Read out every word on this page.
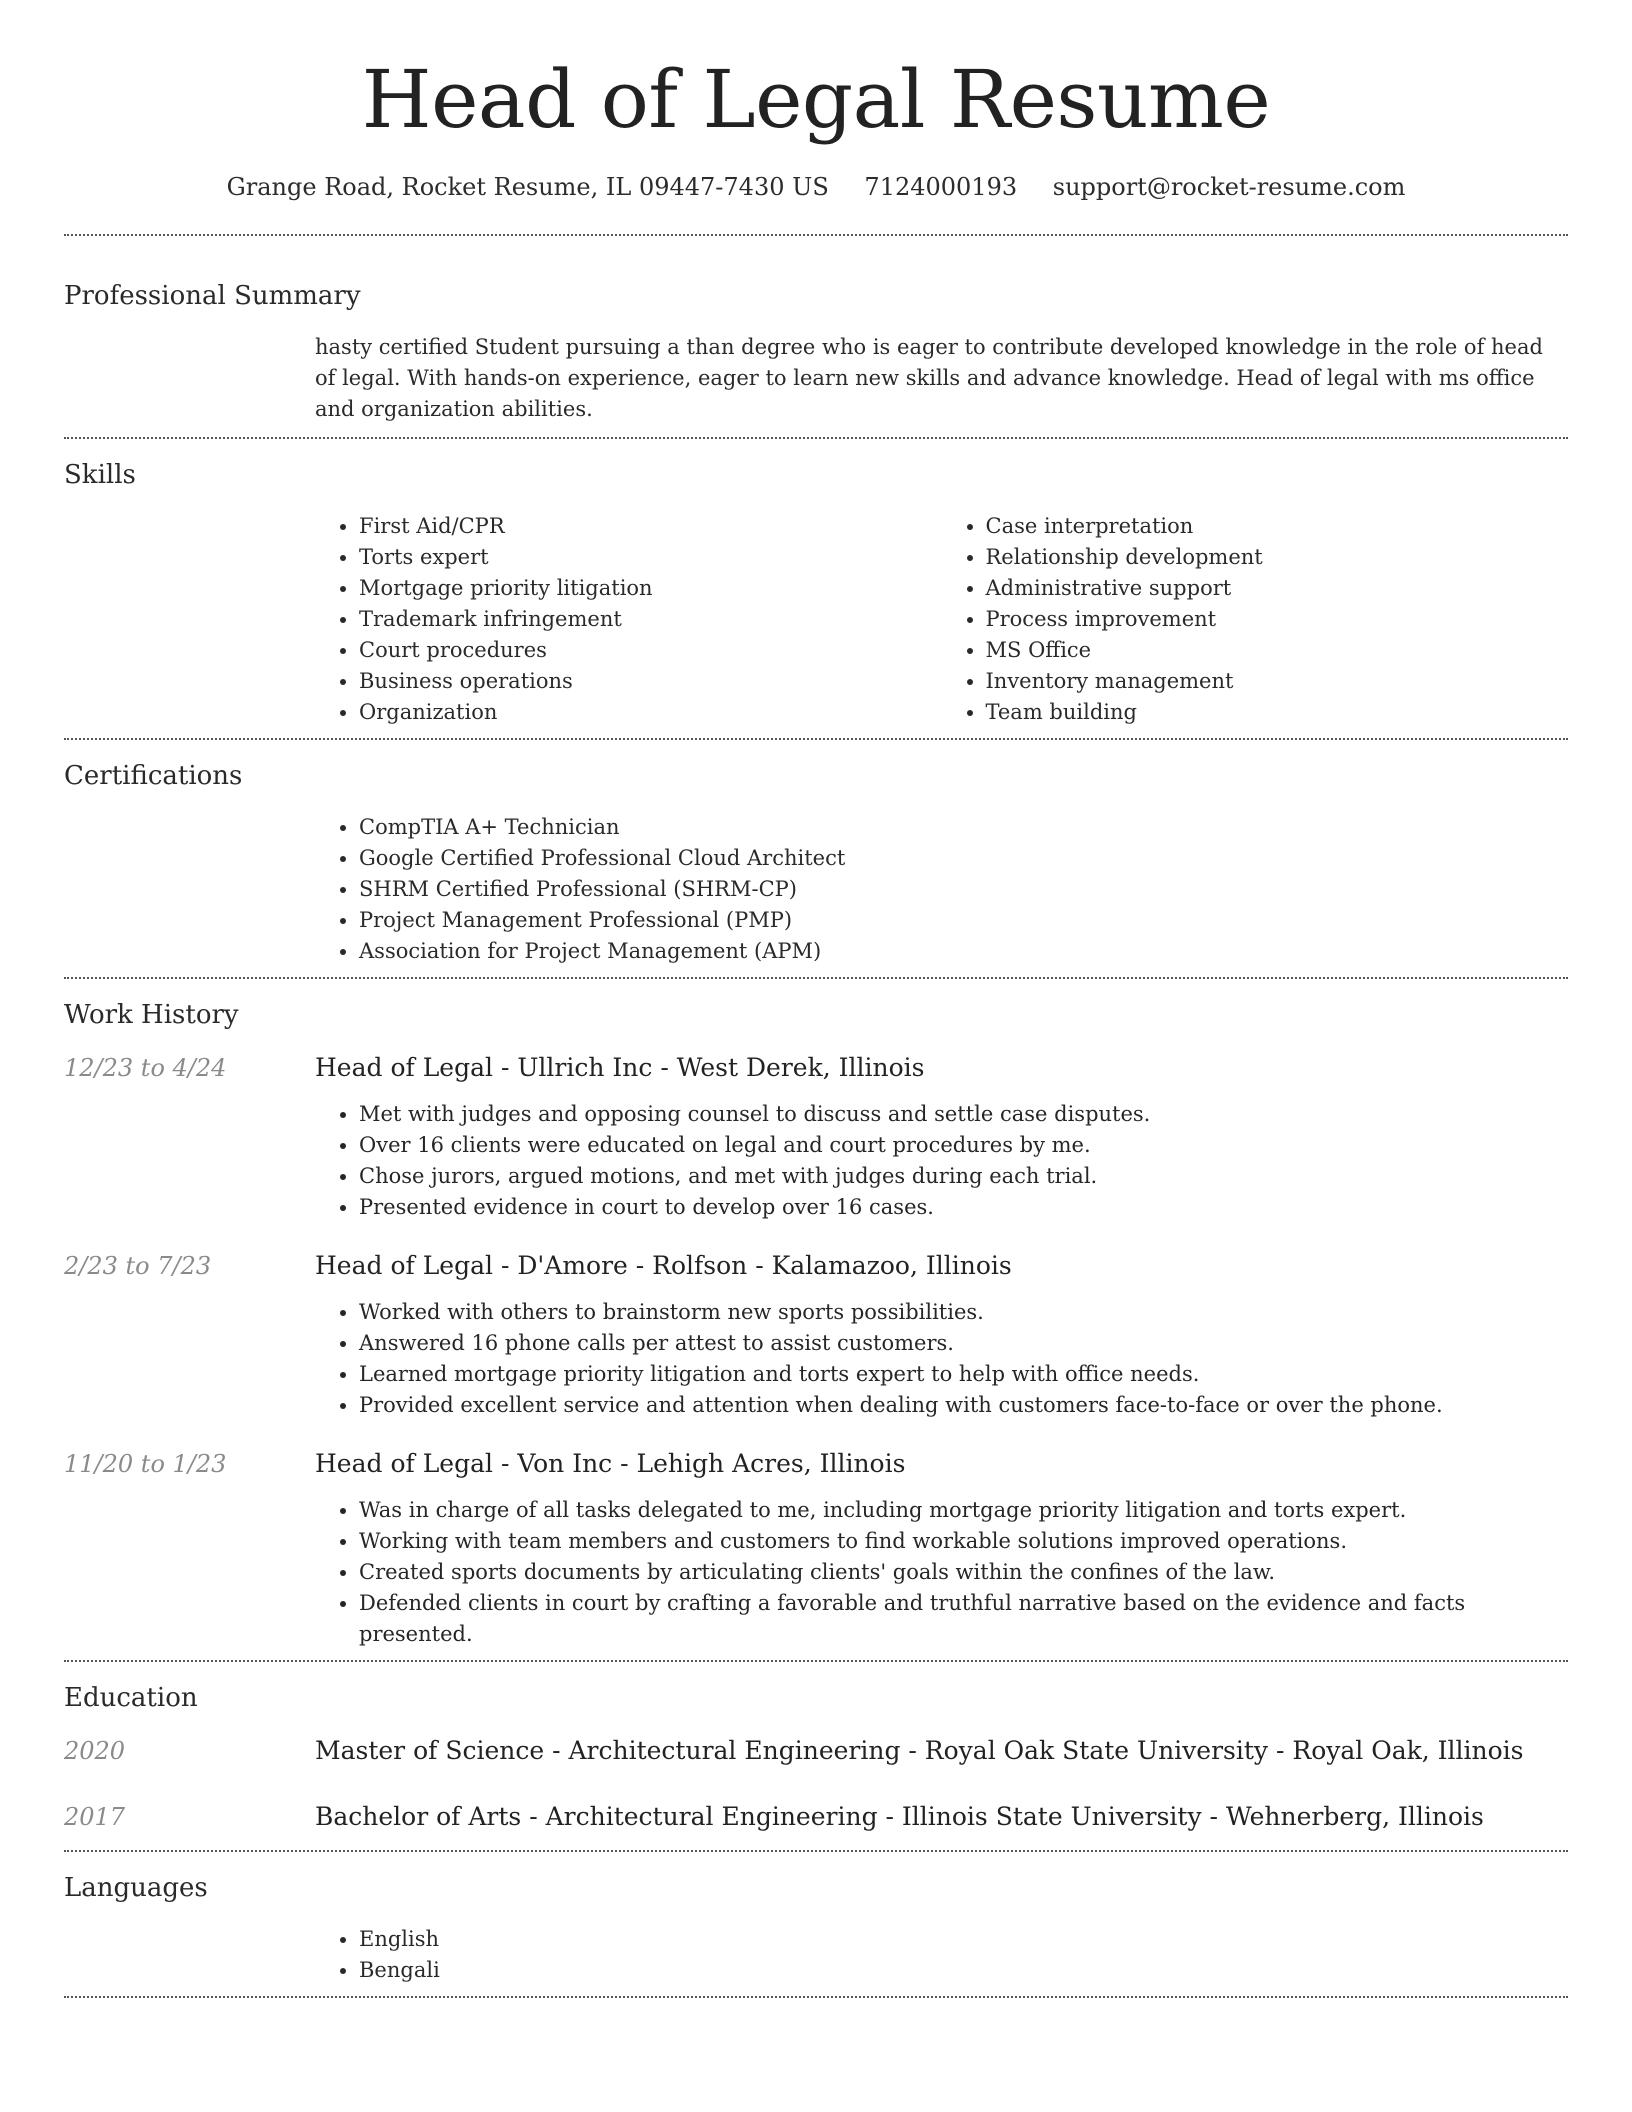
Head of Legal Resume
Grange Road, Rocket Resume, IL 09447-7430 US 7124000193 support@rocket-resume.com
Professional Summary

hasty certified Student pursuing a than degree who is eager to contribute developed knowledge in the role of head of legal. With hands-on experience, eager to learn new skills and advance knowledge. Head of legal with ms office and organization abilities.

Skills
• First Aid/CPR
• Torts expert
• Mortgage priority litigation
• Trademark infringement
• Court procedures
• Business operations
• Organization
• Case interpretation
• Relationship development
• Administrative support
• Process improvement
• MS Office
• Inventory management
• Team building
Certifications
• CompTIA A+ Technician
• Google Certified Professional Cloud Architect
• SHRM Certified Professional (SHRM-CP)
• Project Management Professional (PMP)
• Association for Project Management (APM)
Work History
12/23 to 4/24	Head of Legal - Ullrich Inc - West Derek, Illinois
• Met with judges and opposing counsel to discuss and settle case disputes.
• Over 16 clients were educated on legal and court procedures by me.
• Chose jurors, argued motions, and met with judges during each trial.
• Presented evidence in court to develop over 16 cases.
2/23 to 7/23	Head of Legal - D'Amore - Rolfson - Kalamazoo, Illinois
• Worked with others to brainstorm new sports possibilities.
• Answered 16 phone calls per attest to assist customers.
• Learned mortgage priority litigation and torts expert to help with office needs.
• Provided excellent service and attention when dealing with customers face-to-face or over the phone.
11/20 to 1/23	Head of Legal - Von Inc - Lehigh Acres, Illinois
• Was in charge of all tasks delegated to me, including mortgage priority litigation and torts expert.
• Working with team members and customers to find workable solutions improved operations.
• Created sports documents by articulating clients' goals within the confines of the law.
• Defended clients in court by crafting a favorable and truthful narrative based on the evidence and facts presented.
Education
2020	Master of Science - Architectural Engineering - Royal Oak State University - Royal Oak, Illinois
2017	Bachelor of Arts - Architectural Engineering - Illinois State University - Wehnerberg, Illinois
Languages
• English
• Bengali
